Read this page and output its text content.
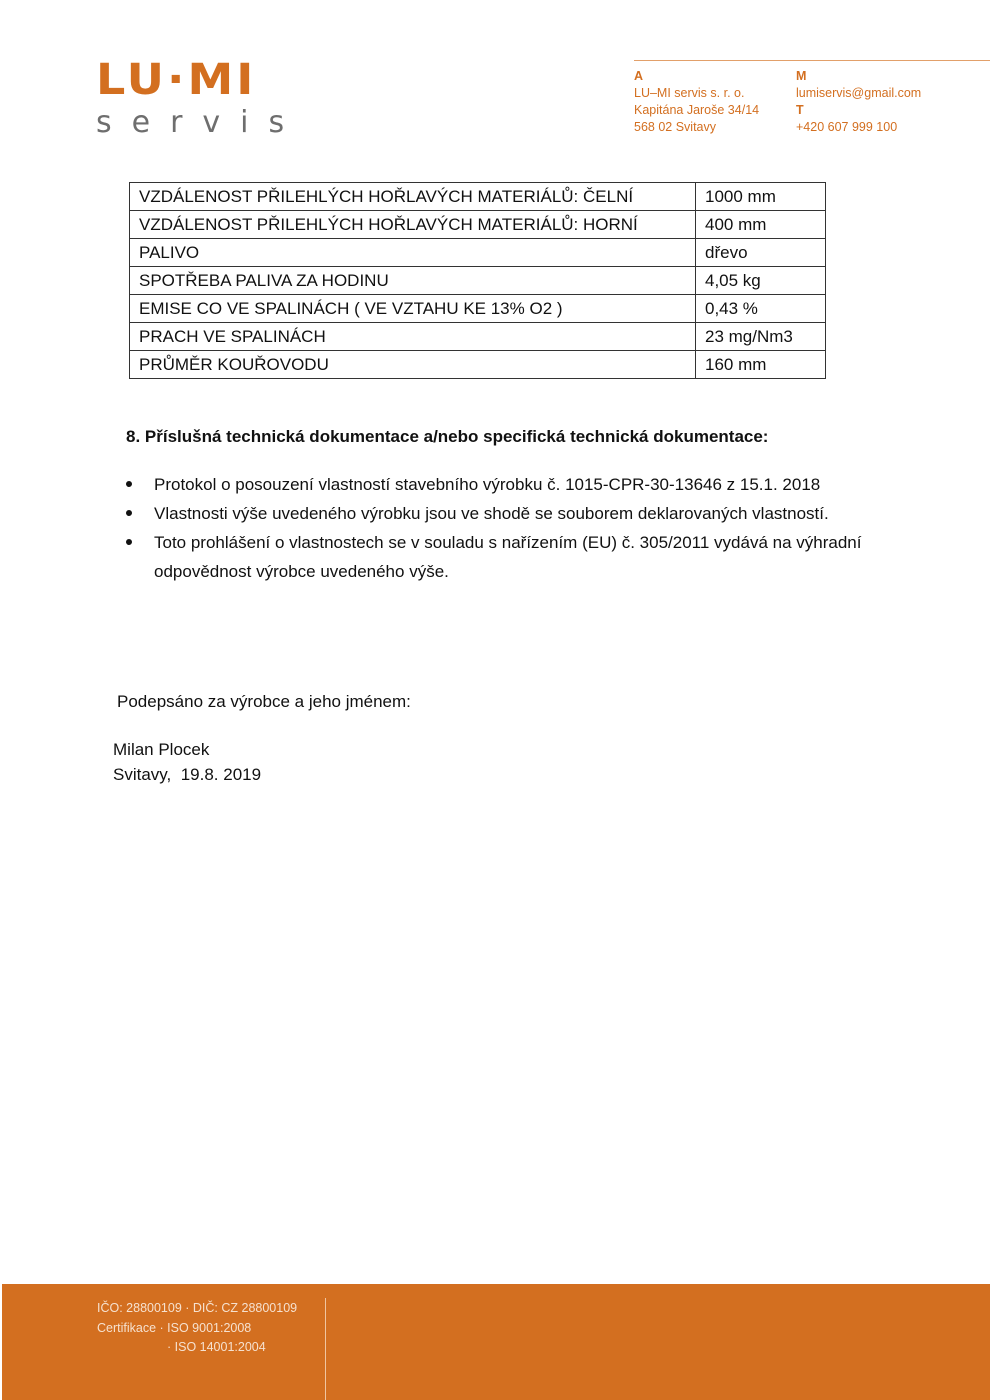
LU·MI
servis
A
LU–MI servis s. r. o.
Kapitána Jaroše 34/14
568 02 Svitavy
M
lumiservis@gmail.com
T
+420 607 999 100
VZDÁLENOST PŘILEHLÝCH HOŘLAVÝCH MATERIÁLŮ: ČELNÍ	1000 mm
VZDÁLENOST PŘILEHLÝCH HOŘLAVÝCH MATERIÁLŮ: HORNÍ	400 mm
PALIVO	dřevo
SPOTŘEBA PALIVA ZA HODINU	4,05 kg
EMISE CO VE SPALINÁCH ( VE VZTAHU KE 13% O2 )	0,43 %
PRACH VE SPALINÁCH	23 mg/Nm3
PRŮMĚR KOUŘOVODU	160 mm
8. Příslušná technická dokumentace a/nebo specifická technická dokumentace:
Protokol o posouzení vlastností stavebního výrobku č. 1015-CPR-30-13646 z 15.1. 2018
Vlastnosti výše uvedeného výrobku jsou ve shodě se souborem deklarovaných vlastností.
Toto prohlášení o vlastnostech se v souladu s nařízením (EU) č. 305/2011 vydává na výhradní odpovědnost výrobce uvedeného výše.
Podepsáno za výrobce a jeho jménem:
Milan Plocek
Svitavy,  19.8. 2019
IČO: 28800109 · DIČ: CZ 28800109
Certifikace · ISO 9001:2008
· ISO 14001:2004
